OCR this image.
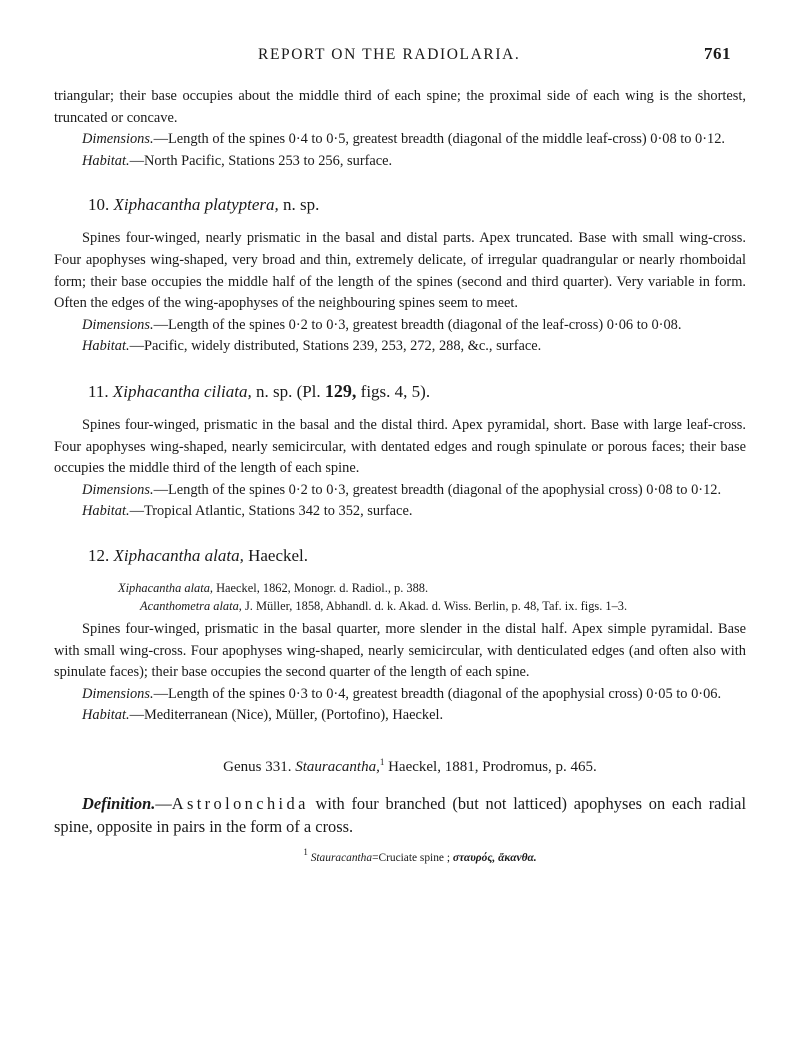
REPORT ON THE RADIOLARIA.	761

triangular; their base occupies about the middle third of each spine; the proximal side of each wing is the shortest, truncated or concave.

Dimensions.—Length of the spines 0·4 to 0·5, greatest breadth (diagonal of the middle leaf-cross) 0·08 to 0·12.

Habitat.—North Pacific, Stations 253 to 256, surface.

10. Xiphacantha platyptera, n. sp.

Spines four-winged, nearly prismatic in the basal and distal parts. Apex truncated. Base with small wing-cross. Four apophyses wing-shaped, very broad and thin, extremely delicate, of irregular quadrangular or nearly rhomboidal form; their base occupies the middle half of the length of the spines (second and third quarter). Very variable in form. Often the edges of the wing-apophyses of the neighbouring spines seem to meet.

Dimensions.—Length of the spines 0·2 to 0·3, greatest breadth (diagonal of the leaf-cross) 0·06 to 0·08.

Habitat.—Pacific, widely distributed, Stations 239, 253, 272, 288, &c., surface.

11. Xiphacantha ciliata, n. sp. (Pl. 129, figs. 4, 5).

Spines four-winged, prismatic in the basal and the distal third. Apex pyramidal, short. Base with large leaf-cross. Four apophyses wing-shaped, nearly semicircular, with dentated edges and rough spinulate or porous faces; their base occupies the middle third of the length of each spine.

Dimensions.—Length of the spines 0·2 to 0·3, greatest breadth (diagonal of the apophysial cross) 0·08 to 0·12.

Habitat.—Tropical Atlantic, Stations 342 to 352, surface.

12. Xiphacantha alata, Haeckel.

Xiphacantha alata, Haeckel, 1862, Monogr. d. Radiol., p. 388.

Acanthometra alata, J. Müller, 1858, Abhandl. d. k. Akad. d. Wiss. Berlin, p. 48, Taf. ix. figs. 1–3.

Spines four-winged, prismatic in the basal quarter, more slender in the distal half. Apex simple pyramidal. Base with small wing-cross. Four apophyses wing-shaped, nearly semicircular, with denticulated edges (and often also with spinulate faces); their base occupies the second quarter of the length of each spine.

Dimensions.—Length of the spines 0·3 to 0·4, greatest breadth (diagonal of the apophysial cross) 0·05 to 0·06.

Habitat.—Mediterranean (Nice), Müller, (Portofino), Haeckel.

Genus 331. Stauracantha,$^1$ Haeckel, 1881, Prodromus, p. 465.

Definition.—Astrolonchida with four branched (but not latticed) apophyses on each radial spine, opposite in pairs in the form of a cross.

$^1$ Stauracantha=Cruciate spine ; σταυρός, ἄκανθα.
